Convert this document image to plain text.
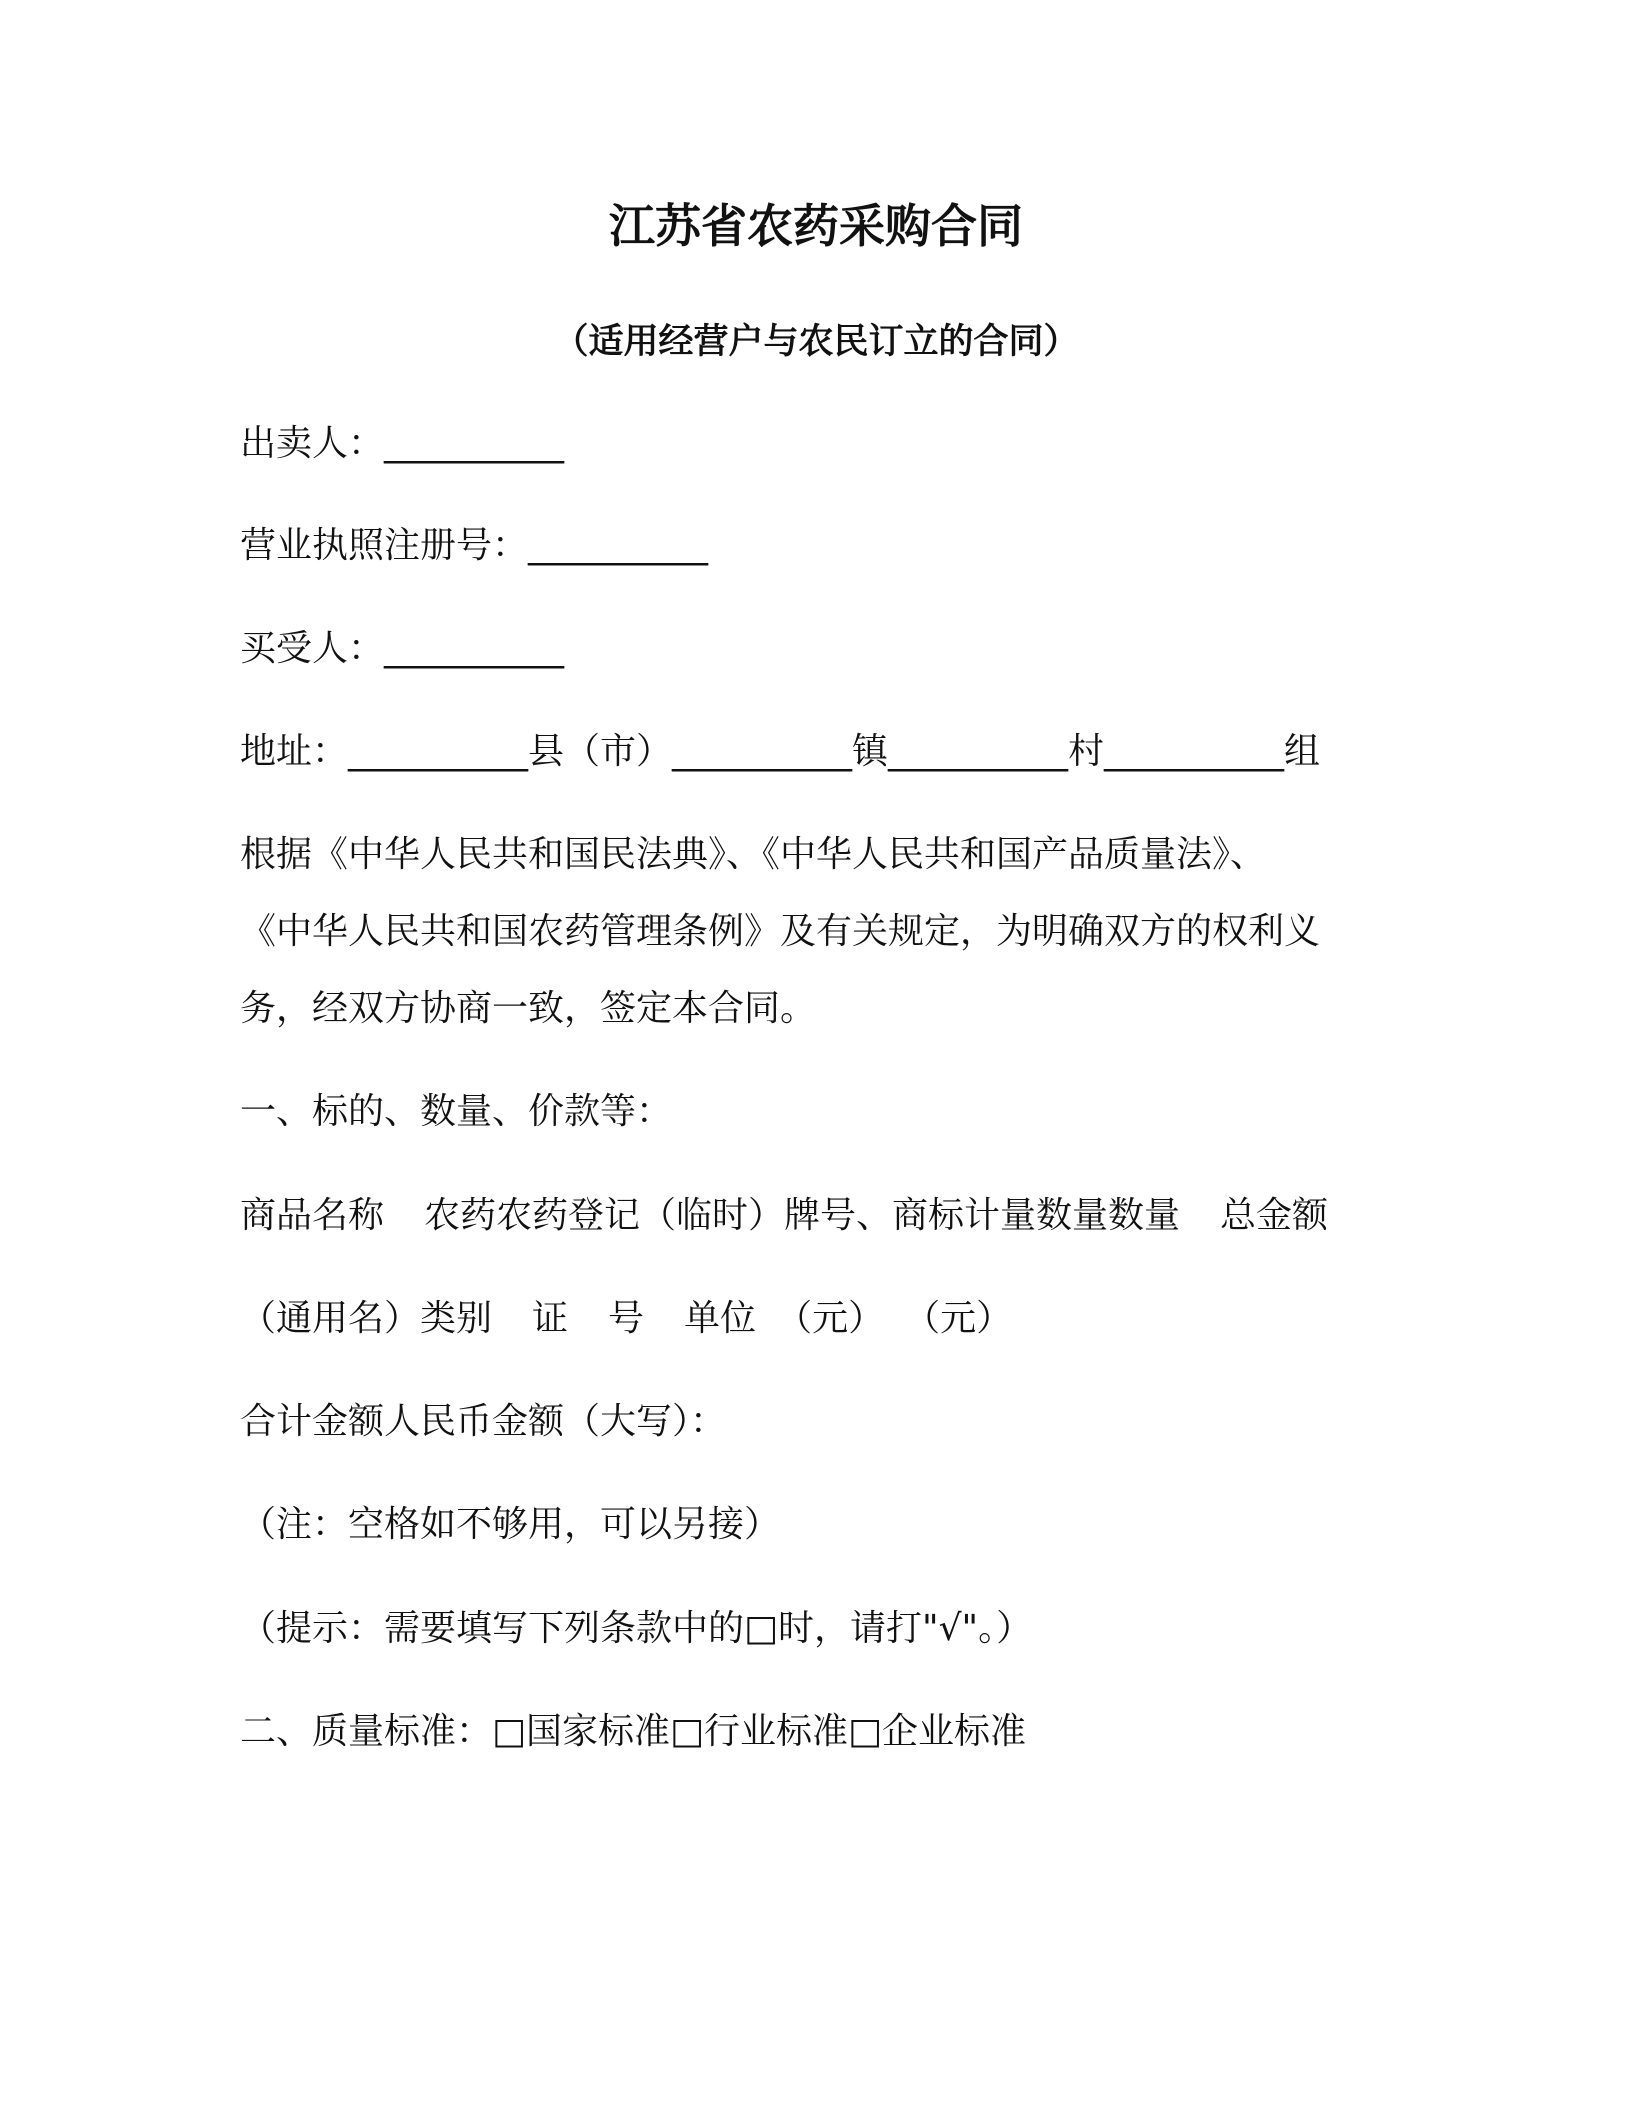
江苏省农药采购合同
（适用经营户与农民订立的合同）
出卖人：__________
营业执照注册号：__________
买受人：__________
地址：__________县（市）__________镇__________村__________组
根据《中华人民共和国民法典》、《中华人民共和国产品质量法》、
《中华人民共和国农药管理条例》及有关规定，为明确双方的权利义
务，经双方协商一致，签定本合同。
一、标的、数量、价款等：
商品名称 农药农药登记（临时）牌号、商标计量数量数量 总金额
（通用名）类别 证 号 单位 （元） （元）
合计金额人民币金额（大写）：
（注：空格如不够用，可以另接）
（提示：需要填写下列条款中的□时，请打"√"。）
二、质量标准：□国家标准□行业标准□企业标准
